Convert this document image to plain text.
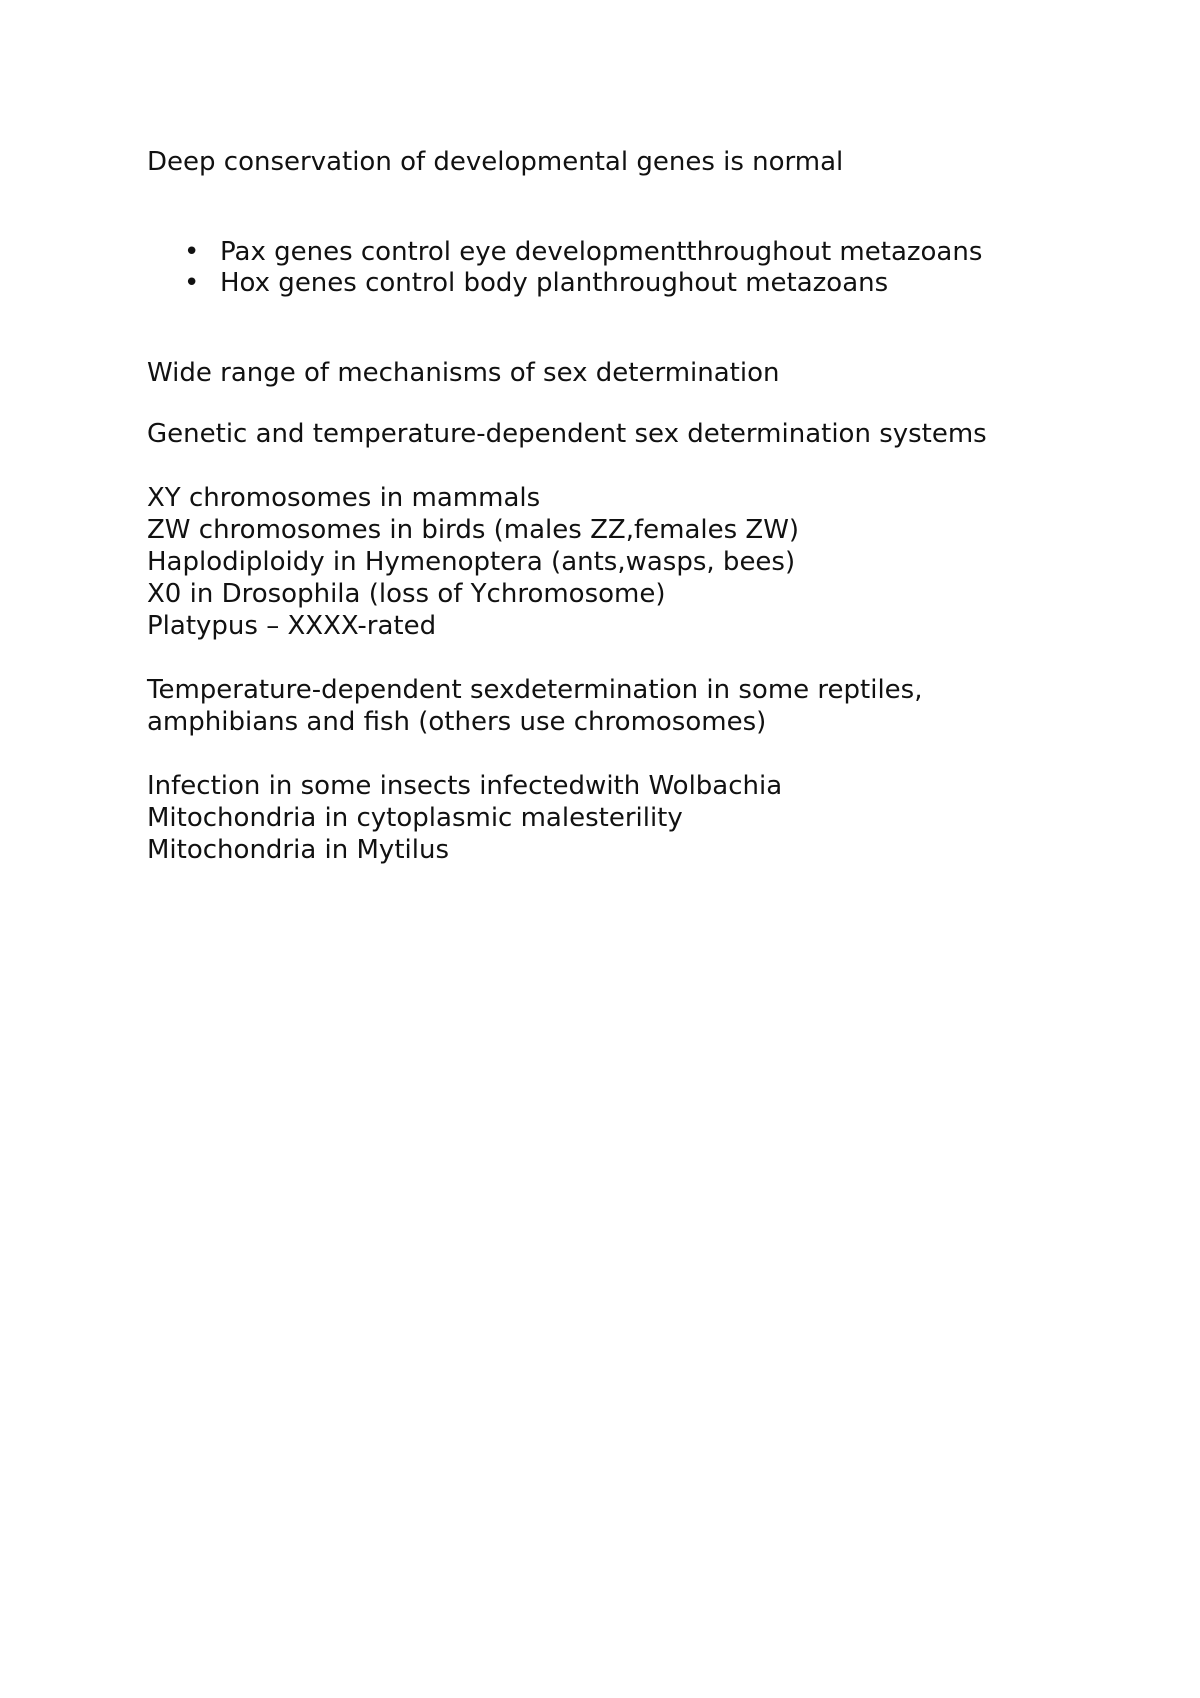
Deep conservation of developmental genes is normal
• Pax genes control eye developmentthroughout metazoans
• Hox genes control body planthroughout metazoans
Wide range of mechanisms of sex determination
Genetic and temperature-dependent sex determination systems
XY chromosomes in mammals
ZW chromosomes in birds (males ZZ,females ZW)
Haplodiploidy in Hymenoptera (ants,wasps, bees)
X0 in Drosophila (loss of Ychromosome)
Platypus – XXXX-rated
Temperature-dependent sexdetermination in some reptiles,
amphibians and fish (others use chromosomes)
Infection in some insects infectedwith Wolbachia
Mitochondria in cytoplasmic malesterility
Mitochondria in Mytilus
